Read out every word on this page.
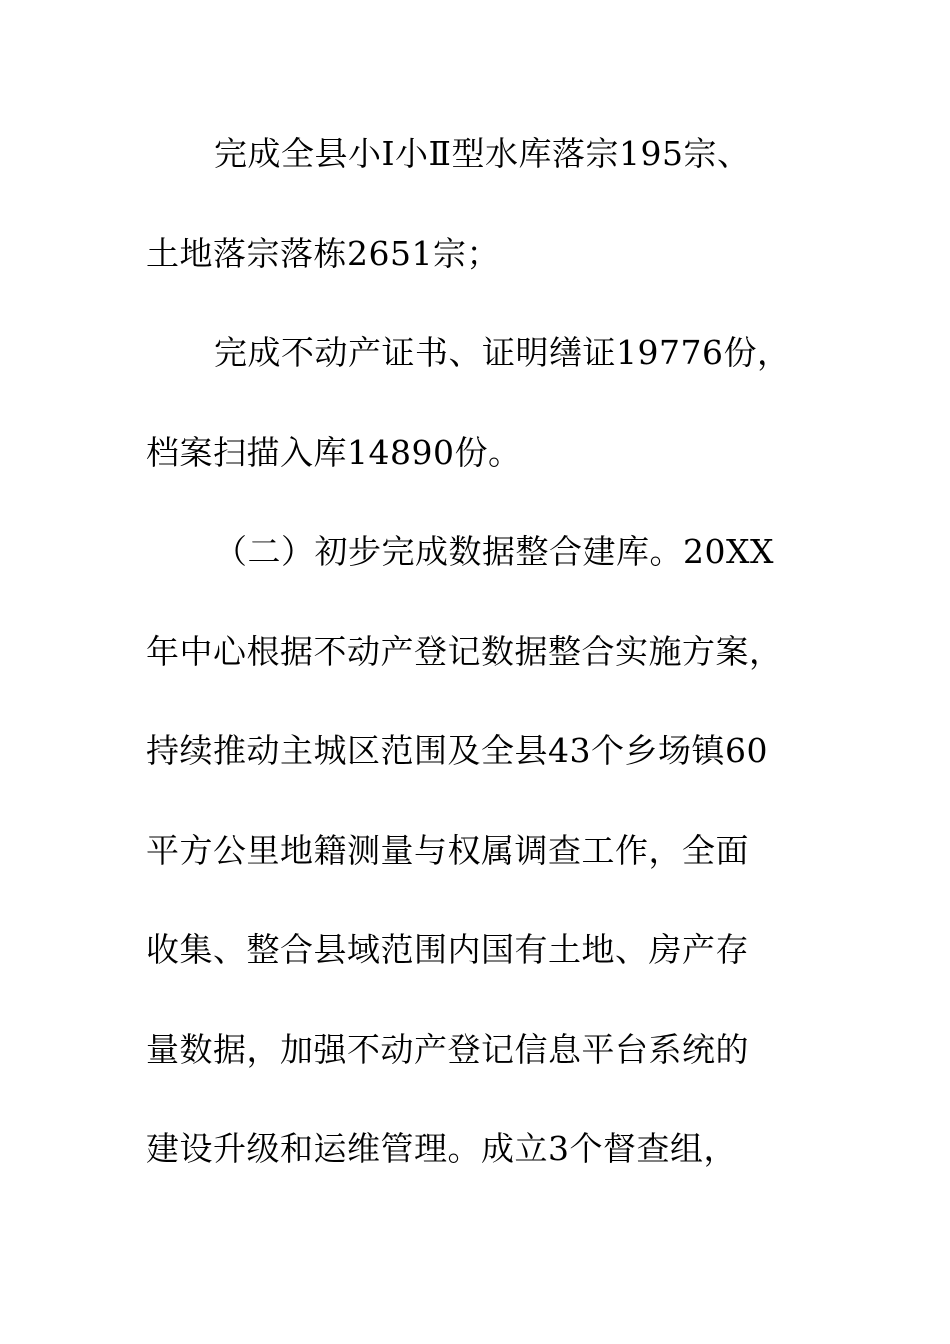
完成全县小Ⅰ小Ⅱ型水库落宗195宗、
土地落宗落栋2651宗；
完成不动产证书、证明缮证19776份，
档案扫描入库14890份。
（二）初步完成数据整合建库。20XX
年中心根据不动产登记数据整合实施方案，
持续推动主城区范围及全县43个乡场镇60
平方公里地籍测量与权属调查工作，全面
收集、整合县域范围内国有土地、房产存
量数据，加强不动产登记信息平台系统的
建设升级和运维管理。成立3个督查组，
